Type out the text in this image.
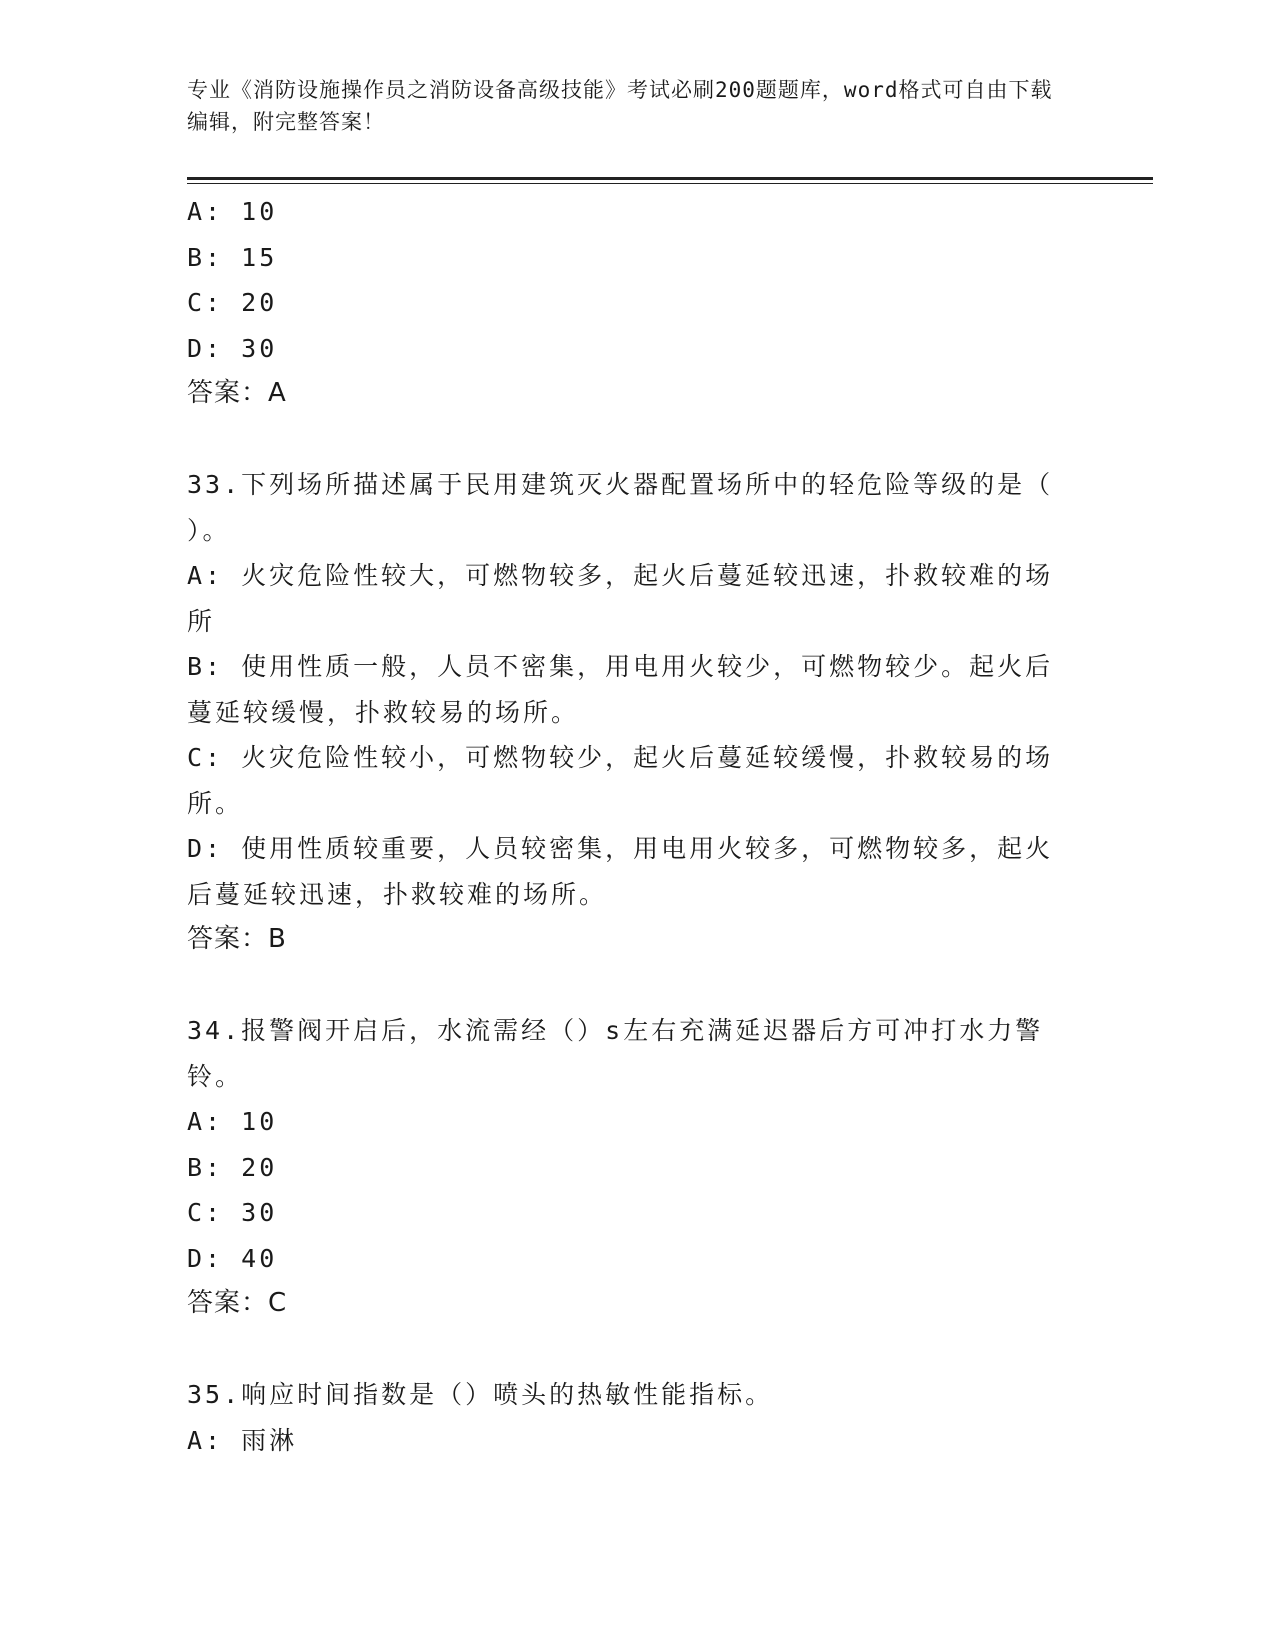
专业《消防设施操作员之消防设备高级技能》考试必刷200题题库，word格式可自由下载编辑，附完整答案！
A: 10
B: 15
C: 20
D: 30
答案：A
33.下列场所描述属于民用建筑灭火器配置场所中的轻危险等级的是（
）。
A: 火灾危险性较大，可燃物较多，起火后蔓延较迅速，扑救较难的场
所
B: 使用性质一般，人员不密集，用电用火较少，可燃物较少。起火后
蔓延较缓慢，扑救较易的场所。
C: 火灾危险性较小，可燃物较少，起火后蔓延较缓慢，扑救较易的场
所。
D: 使用性质较重要，人员较密集，用电用火较多，可燃物较多，起火
后蔓延较迅速，扑救较难的场所。
答案：B
34.报警阀开启后，水流需经（）s左右充满延迟器后方可冲打水力警
铃。
A: 10
B: 20
C: 30
D: 40
答案：C
35.响应时间指数是（）喷头的热敏性能指标。
A: 雨淋
